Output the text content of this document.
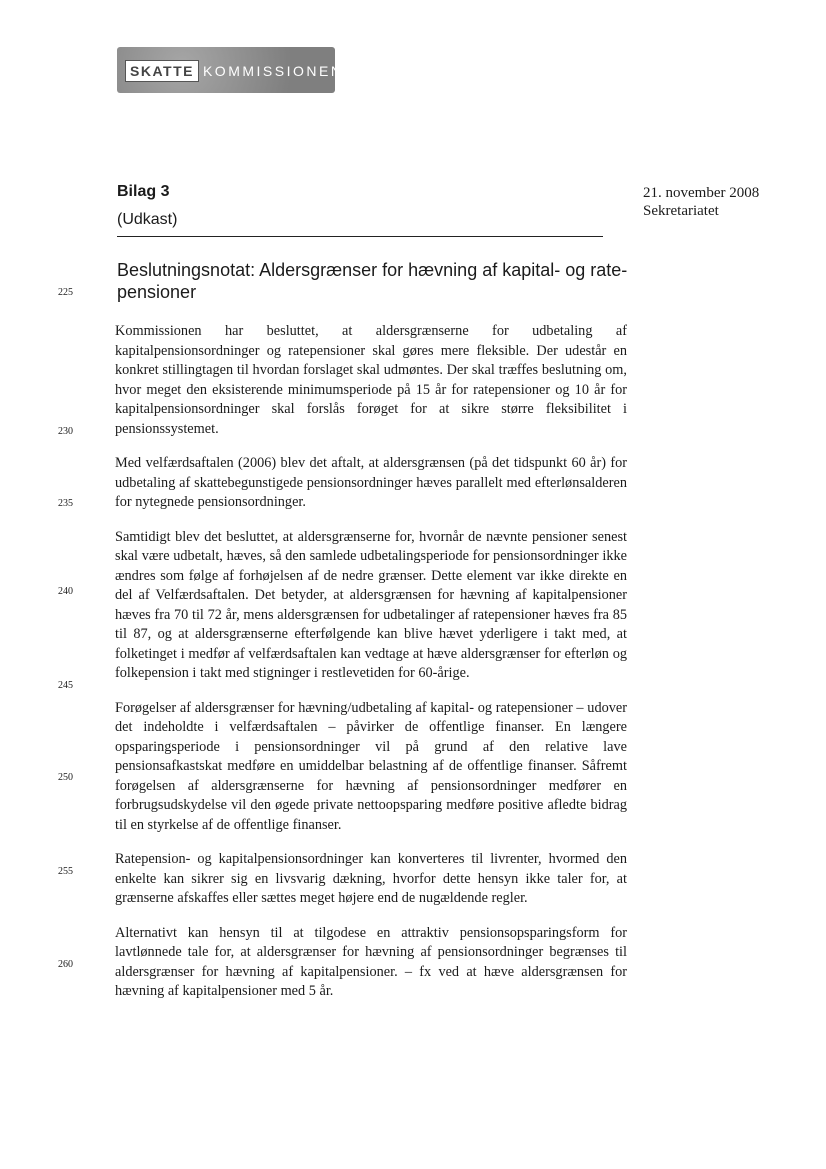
SKATTE KOMMISSIONEN
Bilag 3
(Udkast)
21. november 2008
Sekretariatet
Beslutningsnotat: Aldersgrænser for hævning af kapital- og rate-pensioner
225
230
235
240
245
250
255
260

Kommissionen har besluttet, at aldersgrænserne for udbetaling af kapitalpensionsordninger og ratepensioner skal gøres mere fleksible. Der udestår en konkret stillingtagen til hvordan forslaget skal udmøntes. Der skal træffes beslutning om, hvor meget den eksisterende minimumsperiode på 15 år for ratepensioner og 10 år for kapitalpensionsordninger skal forslås forøget for at sikre større fleksibilitet i pensionssystemet.

Med velfærdsaftalen (2006) blev det aftalt, at aldersgrænsen (på det tidspunkt 60 år) for udbetaling af skattebegunstigede pensionsordninger hæves parallelt med efterlønsalderen for nytegnede pensionsordninger.

Samtidigt blev det besluttet, at aldersgrænserne for, hvornår de nævnte pensioner senest skal være udbetalt, hæves, så den samlede udbetalingsperiode for pensionsordninger ikke ændres som følge af forhøjelsen af de nedre grænser. Dette element var ikke direkte en del af Velfærdsaftalen. Det betyder, at aldersgrænsen for hævning af kapitalpensioner hæves fra 70 til 72 år, mens aldersgrænsen for udbetalinger af ratepensioner hæves fra 85 til 87, og at aldersgrænserne efterfølgende kan blive hævet yderligere i takt med, at folketinget i medfør af velfærdsaftalen kan vedtage at hæve aldersgrænser for efterløn og folkepension i takt med stigninger i restlevetiden for 60-årige.

Forøgelser af aldersgrænser for hævning/udbetaling af kapital- og ratepensioner – udover det indeholdte i velfærdsaftalen – påvirker de offentlige finanser. En længere opsparingsperiode i pensionsordninger vil på grund af den relative lave pensionsafkastskat medføre en umiddelbar belastning af de offentlige finanser. Såfremt forøgelsen af aldersgrænserne for hævning af pensionsordninger medfører en forbrugsudskydelse vil den øgede private nettoopsparing medføre positive afledte bidrag til en styrkelse af de offentlige finanser.

Ratepension- og kapitalpensionsordninger kan konverteres til livrenter, hvormed den enkelte kan sikrer sig en livsvarig dækning, hvorfor dette hensyn ikke taler for, at grænserne afskaffes eller sættes meget højere end de nugældende regler.

Alternativt kan hensyn til at tilgodese en attraktiv pensionsopsparingsform for lavtlønnede tale for, at aldersgrænser for hævning af pensionsordninger begrænses til aldersgrænser for hævning af kapitalpensioner. – fx ved at hæve aldersgrænsen for hævning af kapitalpensioner med 5 år.
